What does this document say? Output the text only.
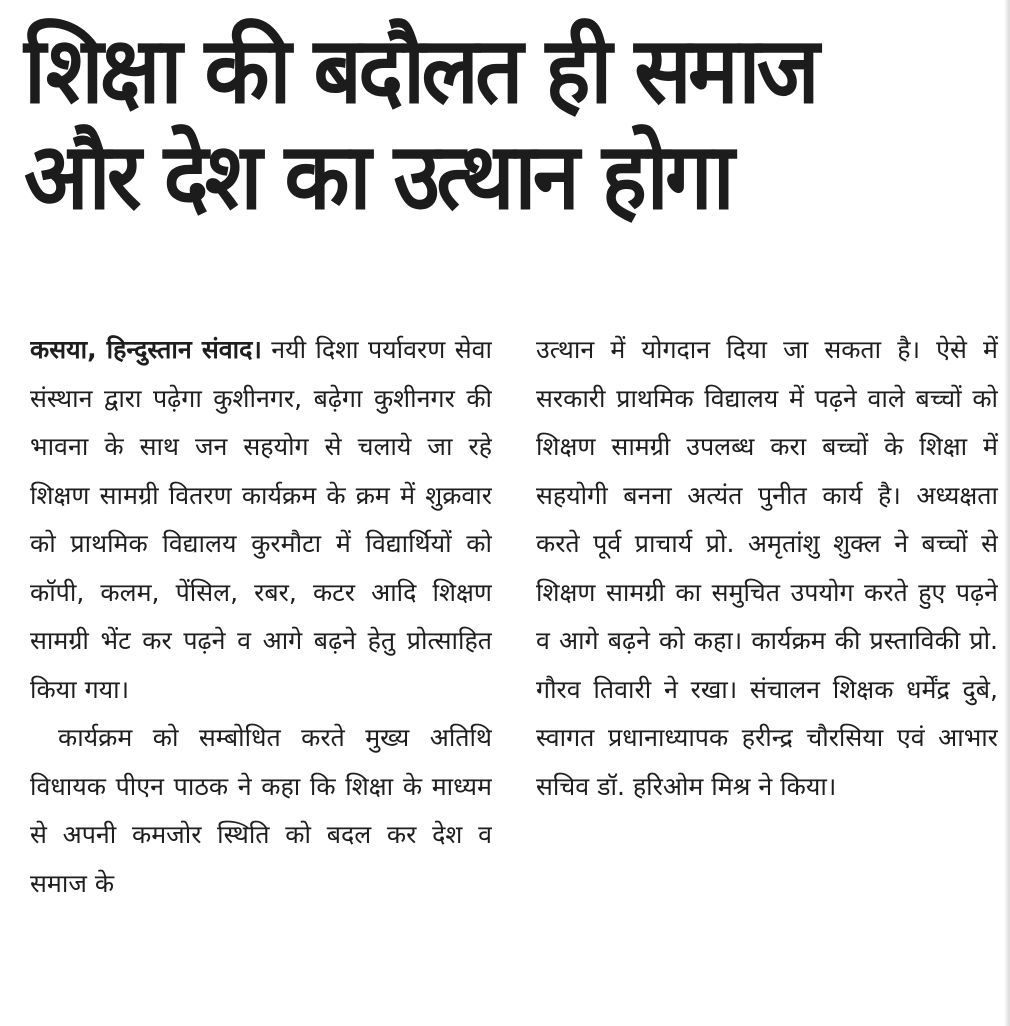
शिक्षा की बदौलत ही समाज
और देश का उत्थान होगा

कसया, हिन्दुस्तान संवाद। नयी दिशा पर्यावरण सेवा संस्थान द्वारा पढ़ेगा कुशीनगर, बढ़ेगा कुशीनगर की भावना के साथ जन सहयोग से चलाये जा रहे शिक्षण सामग्री वितरण कार्यक्रम के क्रम में शुक्रवार को प्राथमिक विद्यालय कुरमौटा में विद्यार्थियों को कॉपी, कलम, पेंसिल, रबर, कटर आदि शिक्षण सामग्री भेंट कर पढ़ने व आगे बढ़ने हेतु प्रोत्साहित किया गया।

कार्यक्रम को सम्बोधित करते मुख्य अतिथि विधायक पीएन पाठक ने कहा कि शिक्षा के माध्यम से अपनी कमजोर स्थिति को बदल कर देश व समाज के

उत्थान में योगदान दिया जा सकता है। ऐसे में सरकारी प्राथमिक विद्यालय में पढ़ने वाले बच्चों को शिक्षण सामग्री उपलब्ध करा बच्चों के शिक्षा में सहयोगी बनना अत्यंत पुनीत कार्य है। अध्यक्षता करते पूर्व प्राचार्य प्रो. अमृतांशु शुक्ल ने बच्चों से शिक्षण सामग्री का समुचित उपयोग करते हुए पढ़ने व आगे बढ़ने को कहा। कार्यक्रम की प्रस्ताविकी प्रो. गौरव तिवारी ने रखा। संचालन शिक्षक धर्मेंद्र दुबे, स्वागत प्रधानाध्यापक हरीन्द्र चौरसिया एवं आभार सचिव डॉ. हरिओम मिश्र ने किया।
